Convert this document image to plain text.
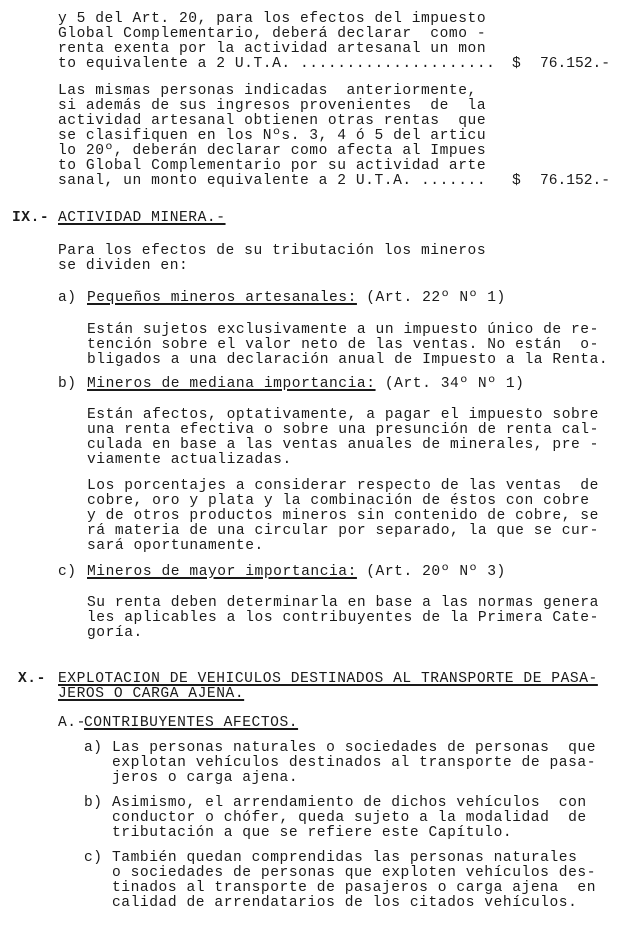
y 5 del Art. 20, para los efectos del impuesto
Global Complementario, deberá declarar  como -
renta exenta por la actividad artesanal un mon
to equivalente a 2 U.T.A. ..................... $ 76.152.-
Las mismas personas indicadas  anteriormente,
si además de sus ingresos provenientes  de  la
actividad artesanal obtienen otras rentas  que
se clasifiquen en los Nºs. 3, 4 ó 5 del articu
lo 20º, deberán declarar como afecta al Impues
to Global Complementario por su actividad arte
sanal, un monto equivalente a 2 U.T.A. ....... $ 76.152.-
IX.- ACTIVIDAD MINERA.-
Para los efectos de su tributación los mineros
se dividen en:
a) Pequeños mineros artesanales: (Art. 22º Nº 1)
Están sujetos exclusivamente a un impuesto único de re-
tención sobre el valor neto de las ventas. No están  o-
bligados a una declaración anual de Impuesto a la Renta.
b) Mineros de mediana importancia: (Art. 34º Nº 1)
Están afectos, optativamente, a pagar el impuesto sobre
una renta efectiva o sobre una presunción de renta cal-
culada en base a las ventas anuales de minerales, pre -
viamente actualizadas.
Los porcentajes a considerar respecto de las ventas  de
cobre, oro y plata y la combinación de éstos con cobre
y de otros productos mineros sin contenido de cobre, se
rá materia de una circular por separado, la que se cur-
sará oportunamente.
c) Mineros de mayor importancia: (Art. 20º Nº 3)
Su renta deben determinarla en base a las normas genera
les aplicables a los contribuyentes de la Primera Cate-
goría.
X.- EXPLOTACION DE VEHICULOS DESTINADOS AL TRANSPORTE DE PASA-
JEROS O CARGA AJENA.
A.-
CONTRIBUYENTES AFECTOS.
a) Las personas naturales o sociedades de personas  que
explotan vehículos destinados al transporte de pasa-
jeros o carga ajena.
b) Asimismo, el arrendamiento de dichos vehículos  con
conductor o chófer, queda sujeto a la modalidad  de
tributación a que se refiere este Capítulo.
c) También quedan comprendidas las personas naturales
o sociedades de personas que exploten vehículos des-
tinados al transporte de pasajeros o carga ajena  en
calidad de arrendatarios de los citados vehículos.
